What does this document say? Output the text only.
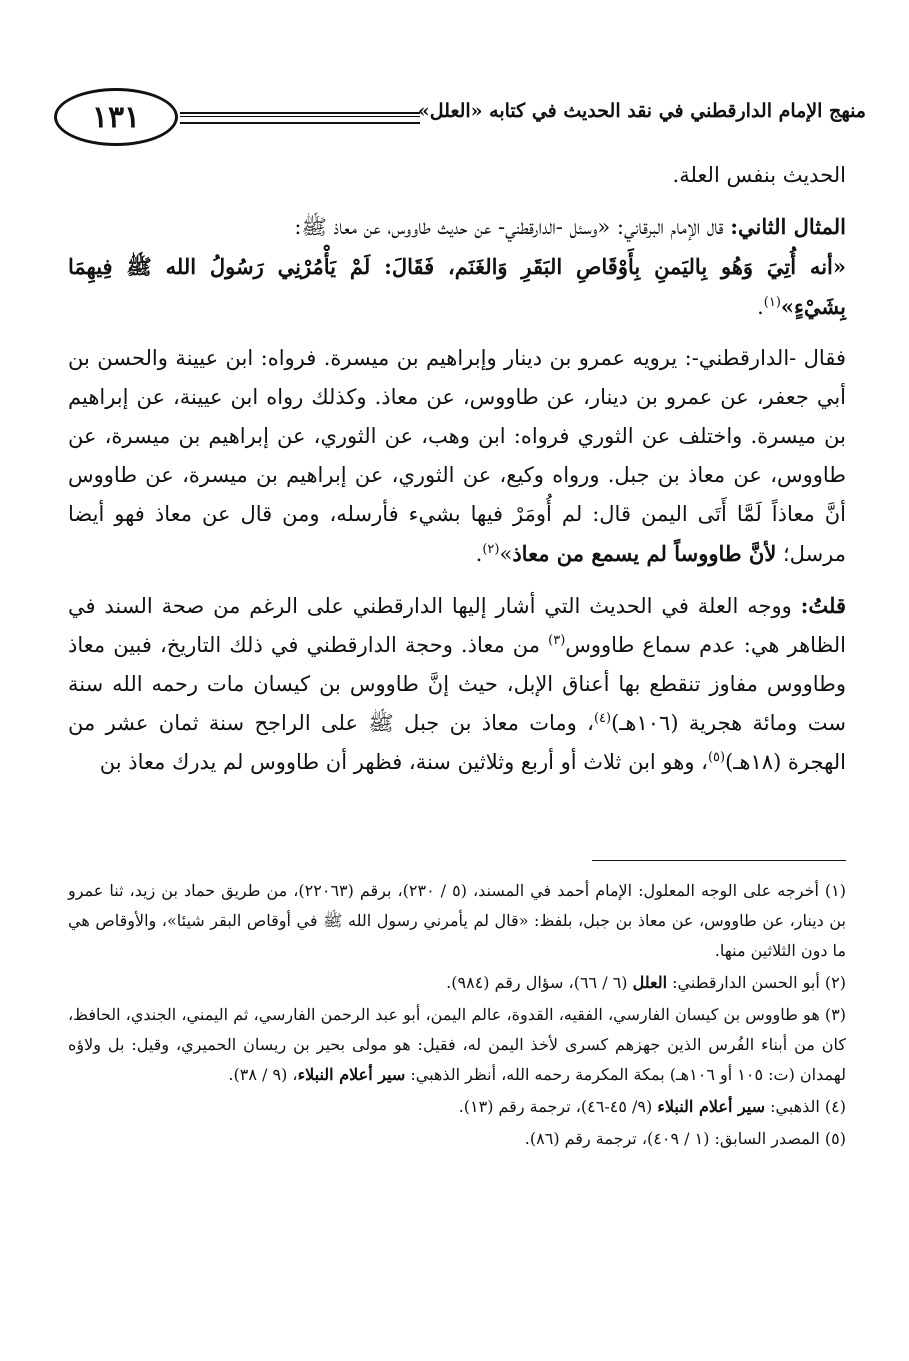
١٣١	منهج الإمام الدارقطني في نقد الحديث في كتابه «العلل»

الحديث بنفس العلة.

المثال الثاني: قال الإمام البرقاني: «وسئل -الدارقطني- عن حديث طاووس، عن معاذ ﷺ:
«أنه أُتِيَ وَهُو بِاليَمنِ بِأَوْقَاصِ البَقَرِ وَالغَنَم، فَقَالَ: لَمْ يَأْمُرْنِي رَسُولُ الله ﷺ فِيهِمَا بِشَيْءٍ»$^{(١)}$.

فقال -الدارقطني-: يرويه عمرو بن دينار وإبراهيم بن ميسرة. فرواه: ابن عيينة والحسن بن أبي جعفر، عن عمرو بن دينار، عن طاووس، عن معاذ. وكذلك رواه ابن عيينة، عن إبراهيم بن ميسرة. واختلف عن الثوري فرواه: ابن وهب، عن الثوري، عن إبراهيم بن ميسرة، عن طاووس، عن معاذ بن جبل. ورواه وكيع، عن الثوري، عن إبراهيم بن ميسرة، عن طاووس أنَّ معاذاً لَمَّا أَتَى اليمن قال: لم أُومَرْ فيها بشيء فأرسله، ومن قال عن معاذ فهو أيضا مرسل؛ لأنَّ طاووساً لم يسمع من معاذ»$^{(٢)}$.

قلتُ: ووجه العلة في الحديث التي أشار إليها الدارقطني على الرغم من صحة السند في الظاهر هي: عدم سماع طاووس$^{(٣)}$ من معاذ. وحجة الدارقطني في ذلك التاريخ، فبين معاذ وطاووس مفاوز تنقطع بها أعناق الإبل، حيث إنَّ طاووس بن كيسان مات رحمه الله سنة ست ومائة هجرية (١٠٦هـ)$^{(٤)}$، ومات معاذ بن جبل ﷺ على الراجح سنة ثمان عشر من الهجرة (١٨هـ)$^{(٥)}$، وهو ابن ثلاث أو أربع وثلاثين سنة، فظهر أن طاووس لم يدرك معاذ بن

(١) أخرجه على الوجه المعلول: الإمام أحمد في المسند، (٥ / ٢٣٠)، برقم (٢٢٠٦٣)، من طريق حماد بن زيد، ثنا عمرو بن دينار، عن طاووس، عن معاذ بن جبل، بلفظ: «قال لم يأمرني رسول الله ﷺ في أوقاص البقر شيئا»، والأوقاص هي ما دون الثلاثين منها.

(٢) أبو الحسن الدارقطني: العلل (٦ / ٦٦)، سؤال رقم (٩٨٤).

(٣) هو طاووس بن كيسان الفارسي، الفقيه، القدوة، عالم اليمن، أبو عبد الرحمن الفارسي، ثم اليمني، الجندي، الحافظ، كان من أبناء الفُرس الذين جهزهم كسرى لأخذ اليمن له، فقيل: هو مولى بحير بن ريسان الحميري، وقيل: بل ولاؤه لهمدان (ت: ١٠٥ أو ١٠٦هـ) بمكة المكرمة رحمه الله، أنظر الذهبي: سير أعلام النبلاء، (٩ / ٣٨).

(٤) الذهبي: سير أعلام النبلاء (٩/ ٤٥-٤٦)، ترجمة رقم (١٣).

(٥) المصدر السابق: (١ / ٤٠٩)، ترجمة رقم (٨٦).
